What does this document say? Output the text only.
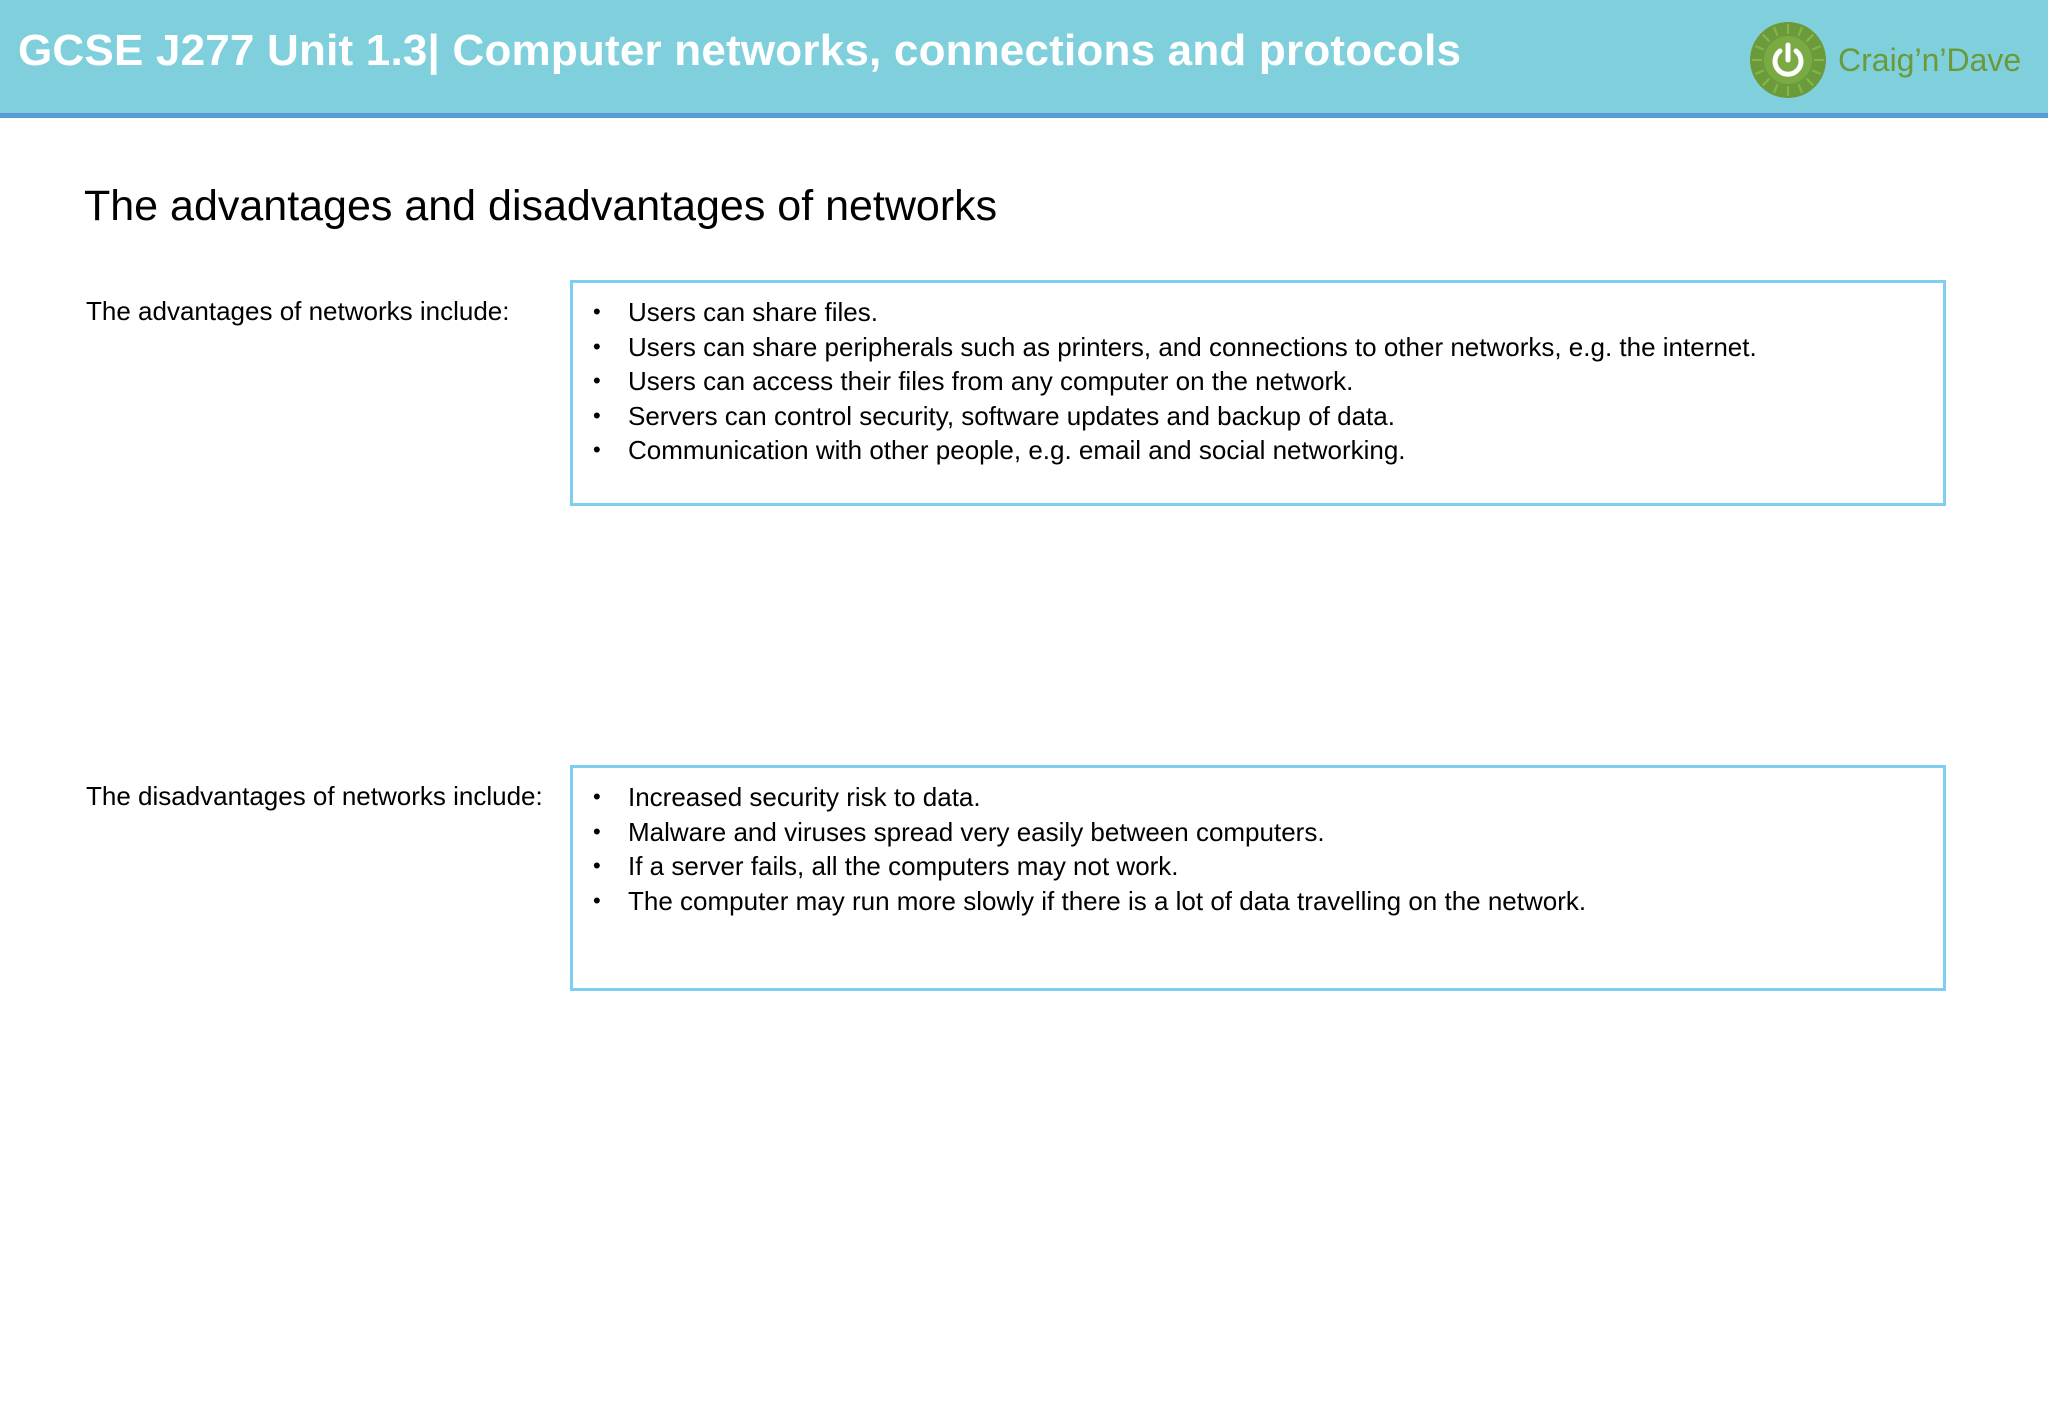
GCSE J277 Unit 1.3| Computer networks, connections and protocols	Craig’n’Dave
The advantages and disadvantages of networks
The advantages of networks include:	• Users can share files.
• Users can share peripherals such as printers, and connections to other networks, e.g. the internet.
• Users can access their files from any computer on the network.
• Servers can control security, software updates and backup of data.
• Communication with other people, e.g. email and social networking.
The disadvantages of networks include: • Increased security risk to data.
• Malware and viruses spread very easily between computers.
• If a server fails, all the computers may not work.
• The computer may run more slowly if there is a lot of data travelling on the network.
